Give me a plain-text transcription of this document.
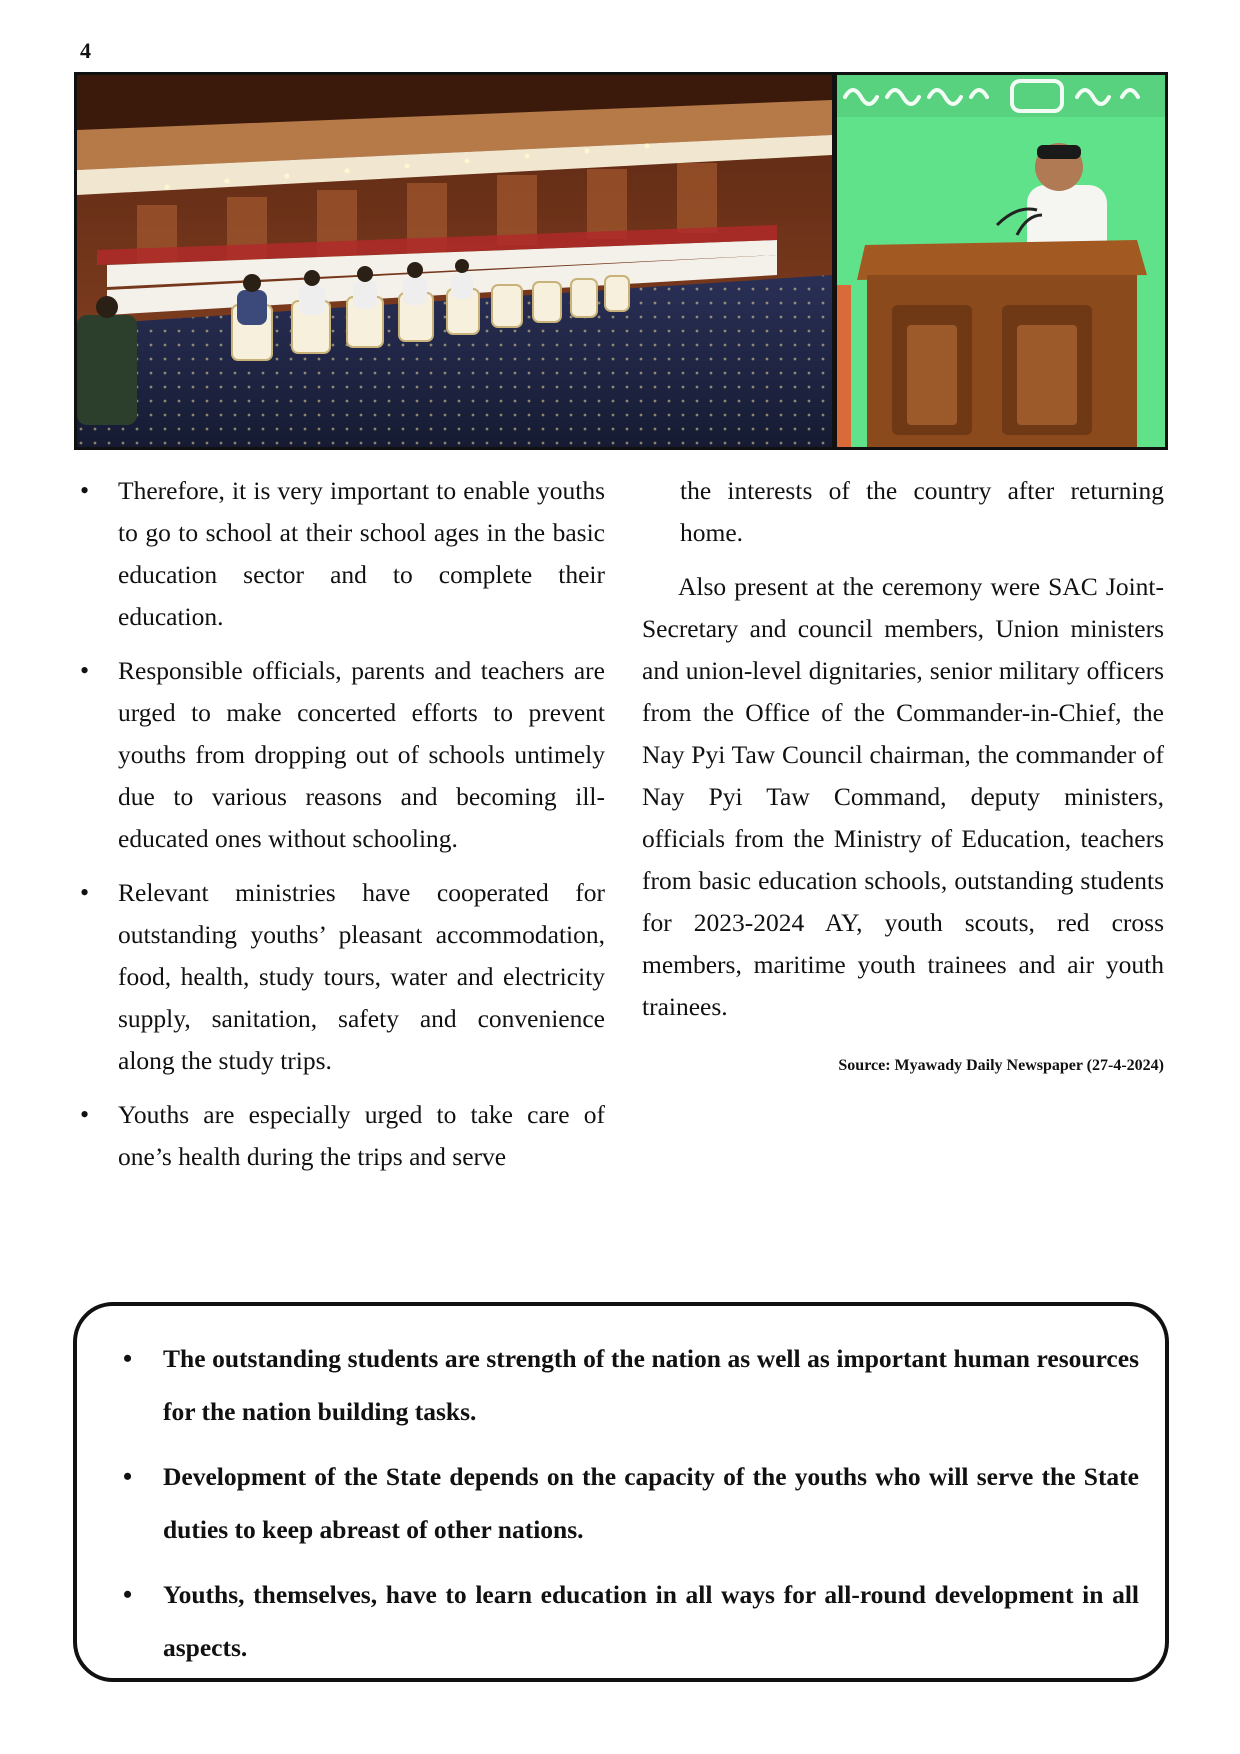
4
• Therefore, it is very important to enable youths to go to school at their school ages in the basic education sector and to complete their education.
• Responsible officials, parents and teachers are urged to make concerted efforts to prevent youths from dropping out of schools untimely due to various reasons and becoming ill-educated ones without schooling.
• Relevant ministries have cooperated for outstanding youths’ pleasant accommodation, food, health, study tours, water and electricity supply, sanitation, safety and convenience along the study trips.
• Youths are especially urged to take care of one’s health during the trips and serve

the interests of the country after returning home.

Also present at the ceremony were SAC Joint-Secretary and council members, Union ministers and union-level dignitaries, senior military officers from the Office of the Commander-in-Chief, the Nay Pyi Taw Council chairman, the commander of Nay Pyi Taw Command, deputy ministers, officials from the Ministry of Education, teachers from basic education schools, outstanding students for 2023-2024 AY, youth scouts, red cross members, maritime youth trainees and air youth trainees.

Source: Myawady Daily Newspaper (27-4-2024)
• The outstanding students are strength of the nation as well as important human resources for the nation building tasks.
• Development of the State depends on the capacity of the youths who will serve the State duties to keep abreast of other nations.
• Youths, themselves, have to learn education in all ways for all-round development in all aspects.
